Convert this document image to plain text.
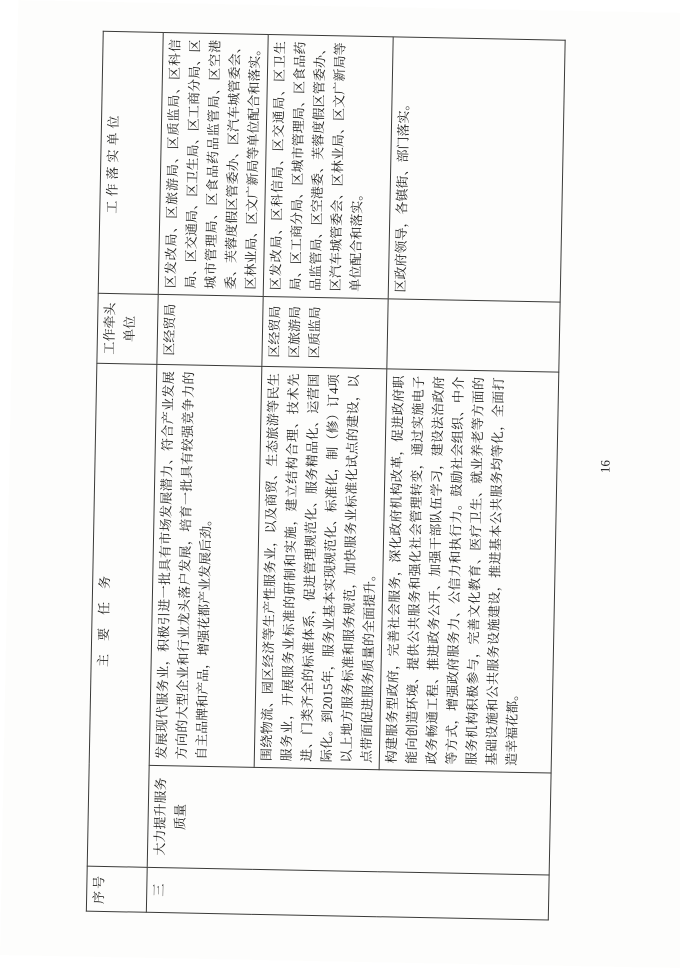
序号	主要任务		工作牵头单位	工作落实单位
三	大力提升服务质量	发展现代服务业，积极引进一批具有市场发展潜力、符合产业发展方向的大型企业和行业龙头落户发展，培育一批具有较强竞争力的自主品牌和产品，增强花都产业发展后劲。	区经贸局	区发改局、区旅游局、区质监局、区科信局、区交通局、区卫生局、区工商分局、区城市管理局、区食品药品监管局、区空港委、芙蓉度假区管委办、区汽车城管委会、区林业局、区文广新局等单位配合和落实。
		围绕物流、园区经济等生产性服务业，以及商贸、生态旅游等民生服务业，开展服务业标准的研制和实施，建立结构合理、技术先进、门类齐全的标准体系，促进管理规范化、服务精品化、运营国际化。到2015年，服务业基本实现规范化、标准化，制（修）订4项以上地方服务标准和服务规范，加快服务业标准化试点的建设，以点带面促进服务质量的全面提升。	区经贸局
区旅游局
区质监局	区发改局、区科信局、区交通局、区卫生局、区工商分局、区城市管理局、区食品药品监管局、区空港委、芙蓉度假区管委办、区汽车城管委会、区林业局、区文广新局等单位配合和落实。
		构建服务型政府，完善社会服务，深化政府机构改革，促进政府职能向创造环境、提供公共服务和强化社会管理转变，通过实施电子政务畅通工程、推进政务公开、加强干部队伍学习，建设法治政府等方式，增强政府服务力、公信力和执行力。鼓励社会组织、中介服务机构积极参与，完善文化教育、医疗卫生、就业养老等方面的基础设施和公共服务设施建设，推进基本公共服务均等化，全面打造幸福花都。		区政府领导，各镇街、部门落实。
16
